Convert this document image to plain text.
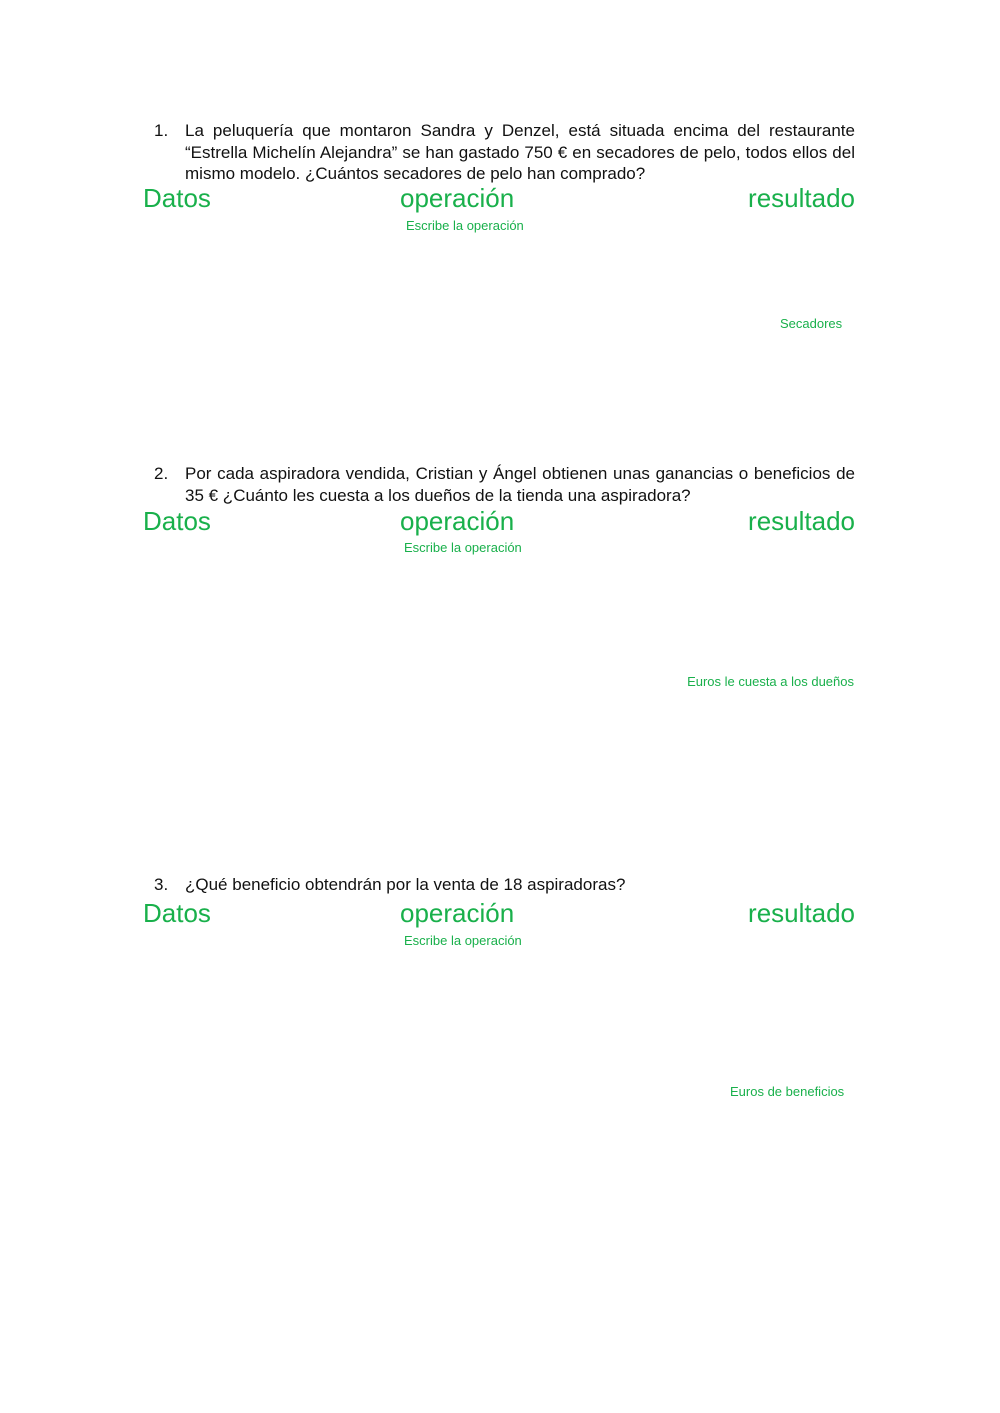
1. La peluquería que montaron Sandra y Denzel, está situada encima del restaurante “Estrella Michelín Alejandra” se han gastado 750 € en secadores de pelo, todos ellos del mismo modelo. ¿Cuántos secadores de pelo han comprado?
Datos	operación	resultado
Escribe la operación
Secadores
2. Por cada aspiradora vendida, Cristian y Ángel obtienen unas ganancias o beneficios de 35 € ¿Cuánto les cuesta a los dueños de la tienda una aspiradora?
Datos	operación	resultado
Escribe la operación
Euros le cuesta a los dueños
3. ¿Qué beneficio obtendrán por la venta de 18 aspiradoras?
Datos	operación	resultado
Escribe la operación
Euros de beneficios
